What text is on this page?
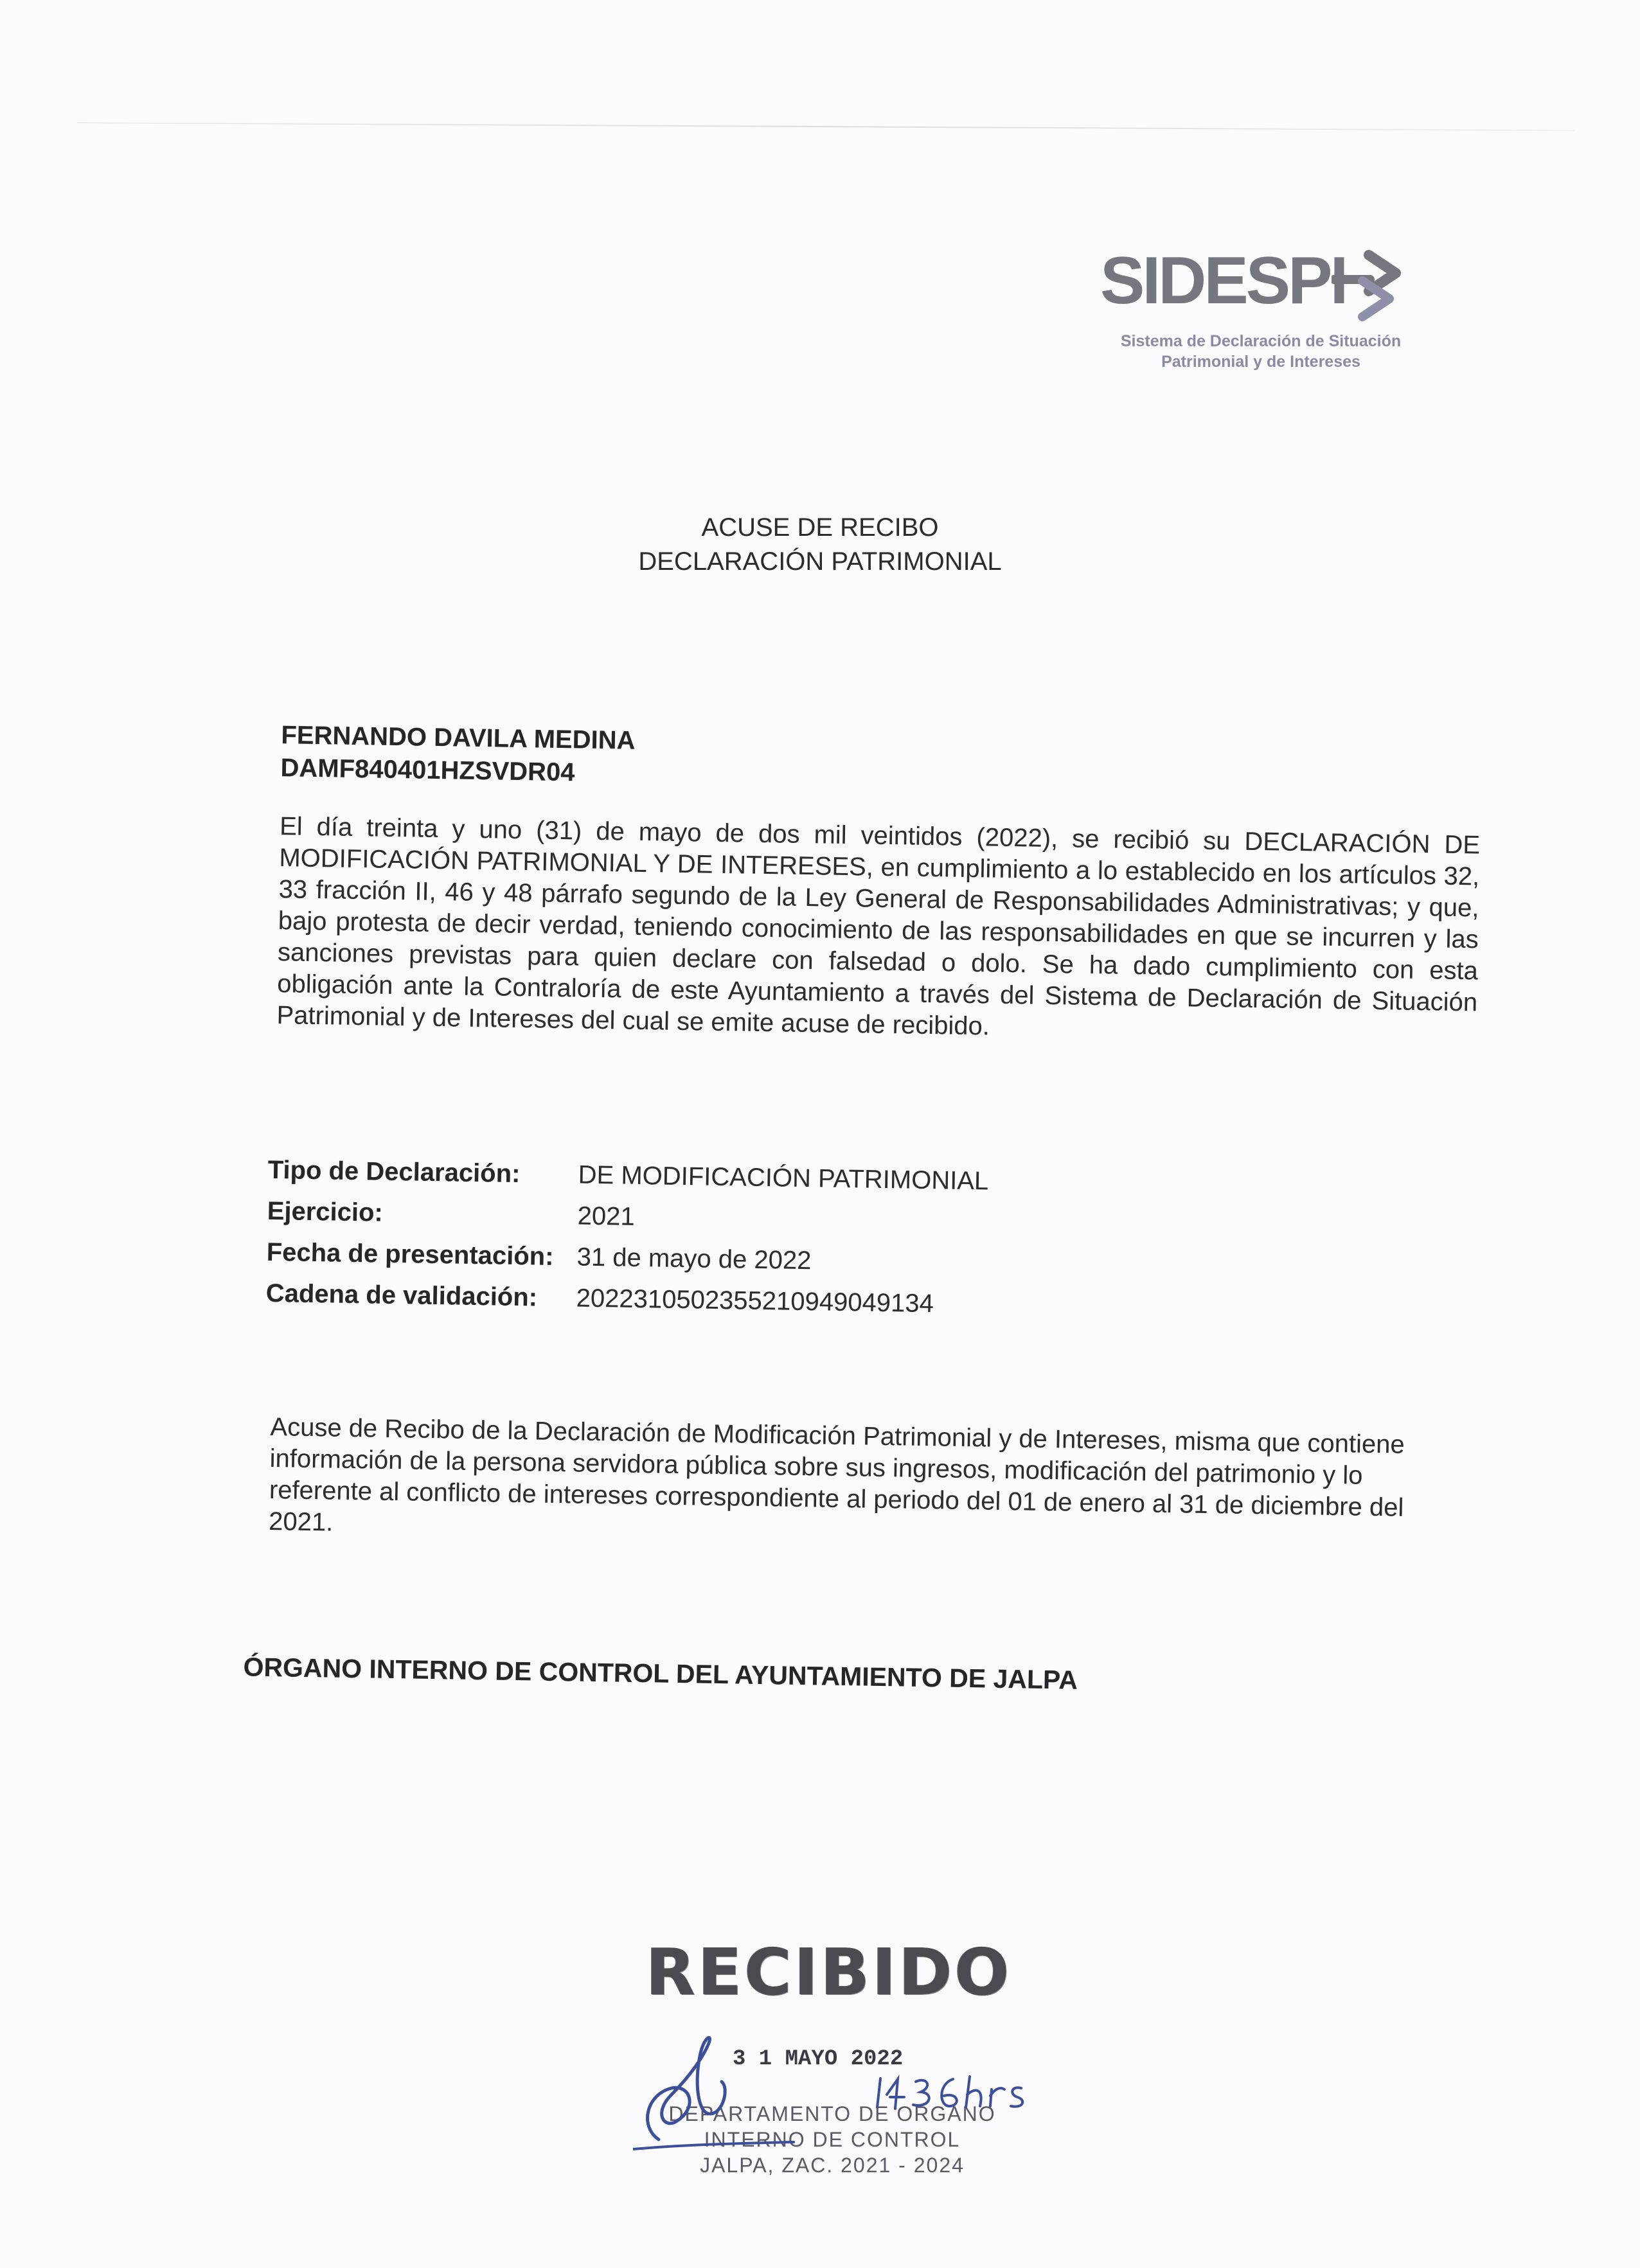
SIDESPI
Sistema de Declaración de Situación
Patrimonial y de Intereses
ACUSE DE RECIBO
DECLARACIÓN PATRIMONIAL
FERNANDO DAVILA MEDINA
DAMF840401HZSVDR04
El día treinta y uno (31) de mayo de dos mil veintidos (2022), se recibió su DECLARACIÓN DE MODIFICACIÓN PATRIMONIAL Y DE INTERESES, en cumplimiento a lo establecido en los artículos 32, 33 fracción II, 46 y 48 párrafo segundo de la Ley General de Responsabilidades Administrativas; y que, bajo protesta de decir verdad, teniendo conocimiento de las responsabilidades en que se incurren y las sanciones previstas para quien declare con falsedad o dolo. Se ha dado cumplimiento con esta obligación ante la Contraloría de este Ayuntamiento a través del Sistema de Declaración de Situación Patrimonial y de Intereses del cual se emite acuse de recibido.
Tipo de Declaración: DE MODIFICACIÓN PATRIMONIAL
Ejercicio:	2021
Fecha de presentación: 31 de mayo de 2022
Cadena de validación: 2022310502355210949049134
Acuse de Recibo de la Declaración de Modificación Patrimonial y de Intereses, misma que contiene información de la persona servidora pública sobre sus ingresos, modificación del patrimonio y lo referente al conflicto de intereses correspondiente al periodo del 01 de enero al 31 de diciembre del 2021.
ÓRGANO INTERNO DE CONTROL DEL AYUNTAMIENTO DE JALPA
RECIBIDO
3 1 MAYO 2022
DEPARTAMENTO DE ORGANO
INTERNO DE CONTROL
JALPA, ZAC. 2021 - 2024
